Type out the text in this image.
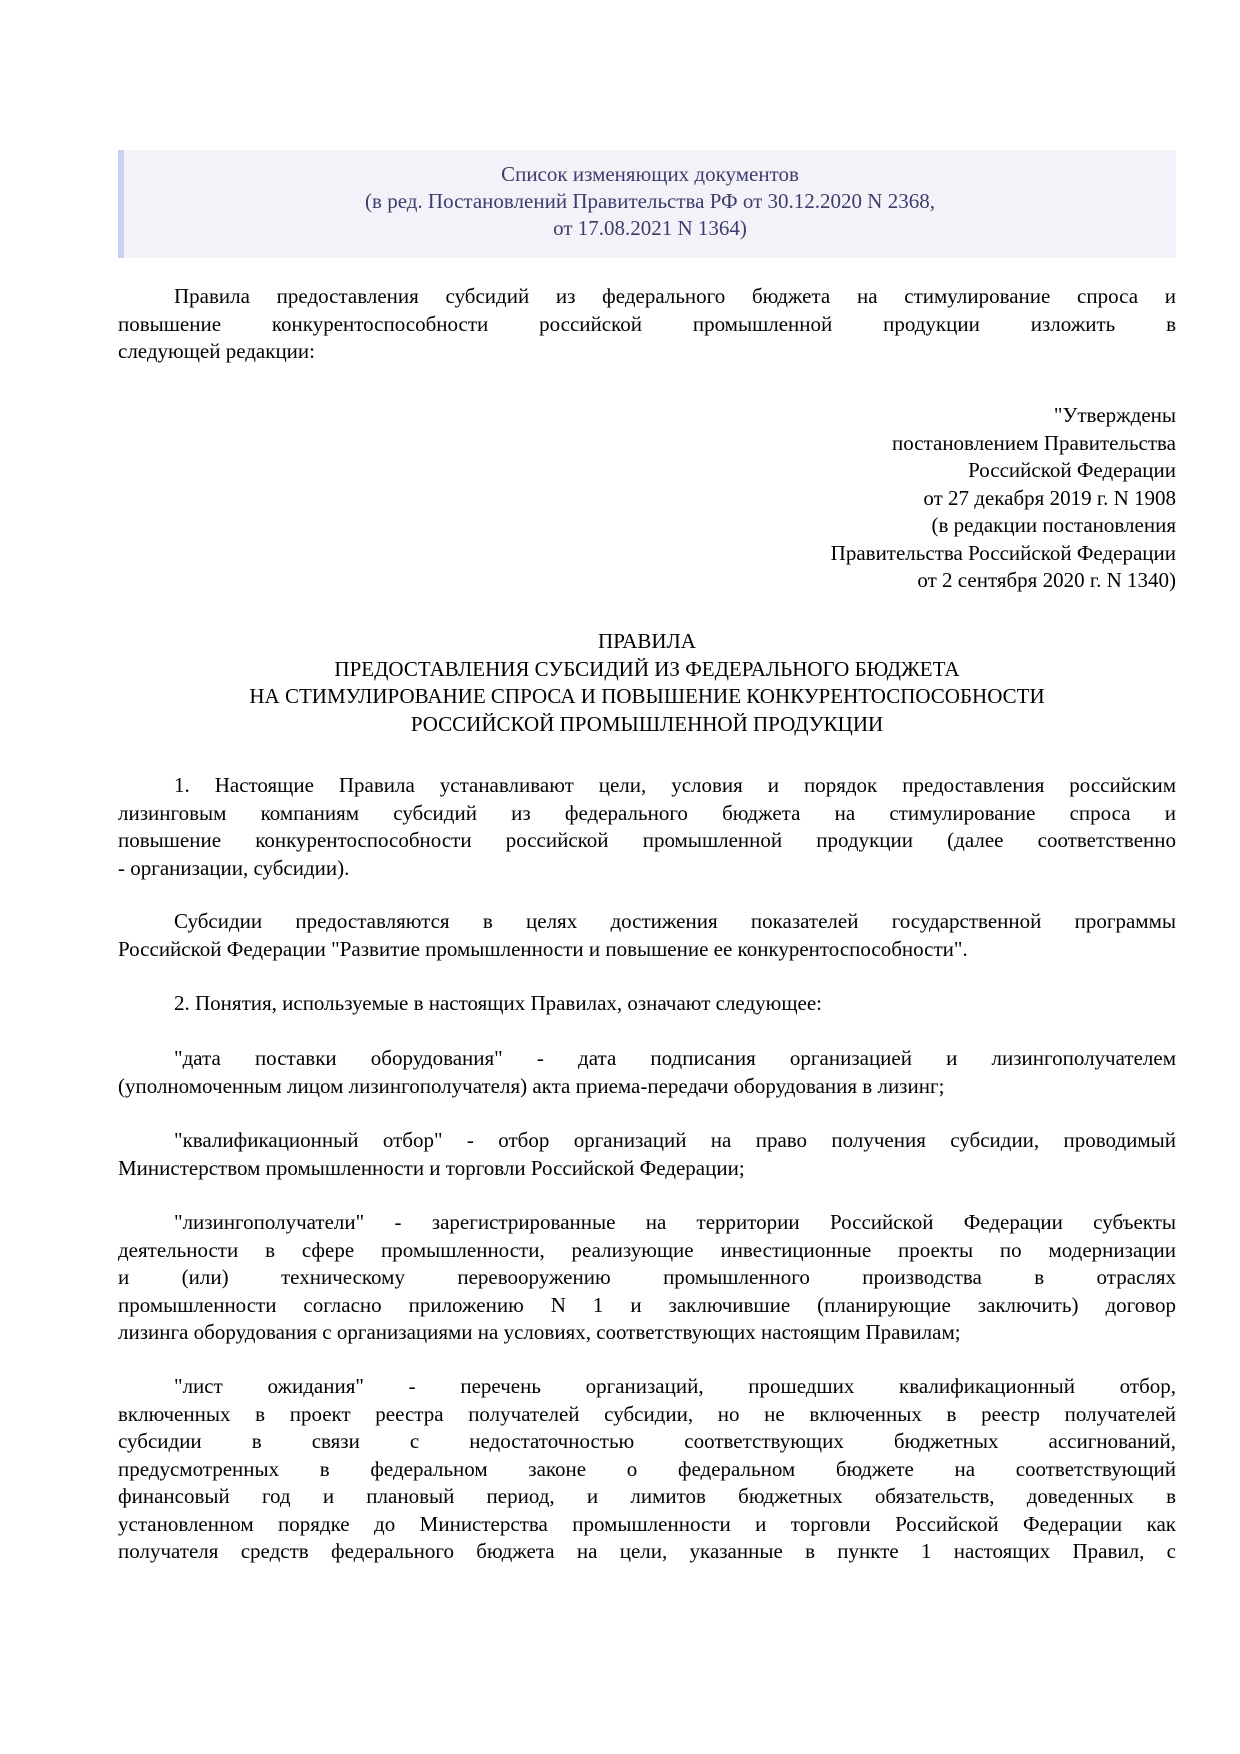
Список изменяющих документов
(в ред. Постановлений Правительства РФ от 30.12.2020 N 2368,
от 17.08.2021 N 1364)
Правила предоставления субсидий из федерального бюджета на стимулирование спроса и
повышение конкурентоспособности российской промышленной продукции изложить в
следующей редакции:
"Утверждены
постановлением Правительства
Российской Федерации
от 27 декабря 2019 г. N 1908
(в редакции постановления
Правительства Российской Федерации
от 2 сентября 2020 г. N 1340)
ПРАВИЛА
ПРЕДОСТАВЛЕНИЯ СУБСИДИЙ ИЗ ФЕДЕРАЛЬНОГО БЮДЖЕТА
НА СТИМУЛИРОВАНИЕ СПРОСА И ПОВЫШЕНИЕ КОНКУРЕНТОСПОСОБНОСТИ
РОССИЙСКОЙ ПРОМЫШЛЕННОЙ ПРОДУКЦИИ
1. Настоящие Правила устанавливают цели, условия и порядок предоставления российским
лизинговым компаниям субсидий из федерального бюджета на стимулирование спроса и
повышение конкурентоспособности российской промышленной продукции (далее соответственно
- организации, субсидии).
Субсидии предоставляются в целях достижения показателей государственной программы
Российской Федерации "Развитие промышленности и повышение ее конкурентоспособности".
2. Понятия, используемые в настоящих Правилах, означают следующее:
"дата поставки оборудования" - дата подписания организацией и лизингополучателем
(уполномоченным лицом лизингополучателя) акта приема-передачи оборудования в лизинг;
"квалификационный отбор" - отбор организаций на право получения субсидии, проводимый
Министерством промышленности и торговли Российской Федерации;
"лизингополучатели" - зарегистрированные на территории Российской Федерации субъекты
деятельности в сфере промышленности, реализующие инвестиционные проекты по модернизации
и (или) техническому перевооружению промышленного производства в отраслях
промышленности согласно приложению N 1 и заключившие (планирующие заключить) договор
лизинга оборудования с организациями на условиях, соответствующих настоящим Правилам;
"лист ожидания" - перечень организаций, прошедших квалификационный отбор,
включенных в проект реестра получателей субсидии, но не включенных в реестр получателей
субсидии в связи с недостаточностью соответствующих бюджетных ассигнований,
предусмотренных в федеральном законе о федеральном бюджете на соответствующий
финансовый год и плановый период, и лимитов бюджетных обязательств, доведенных в
установленном порядке до Министерства промышленности и торговли Российской Федерации как
получателя средств федерального бюджета на цели, указанные в пункте 1 настоящих Правил, с
